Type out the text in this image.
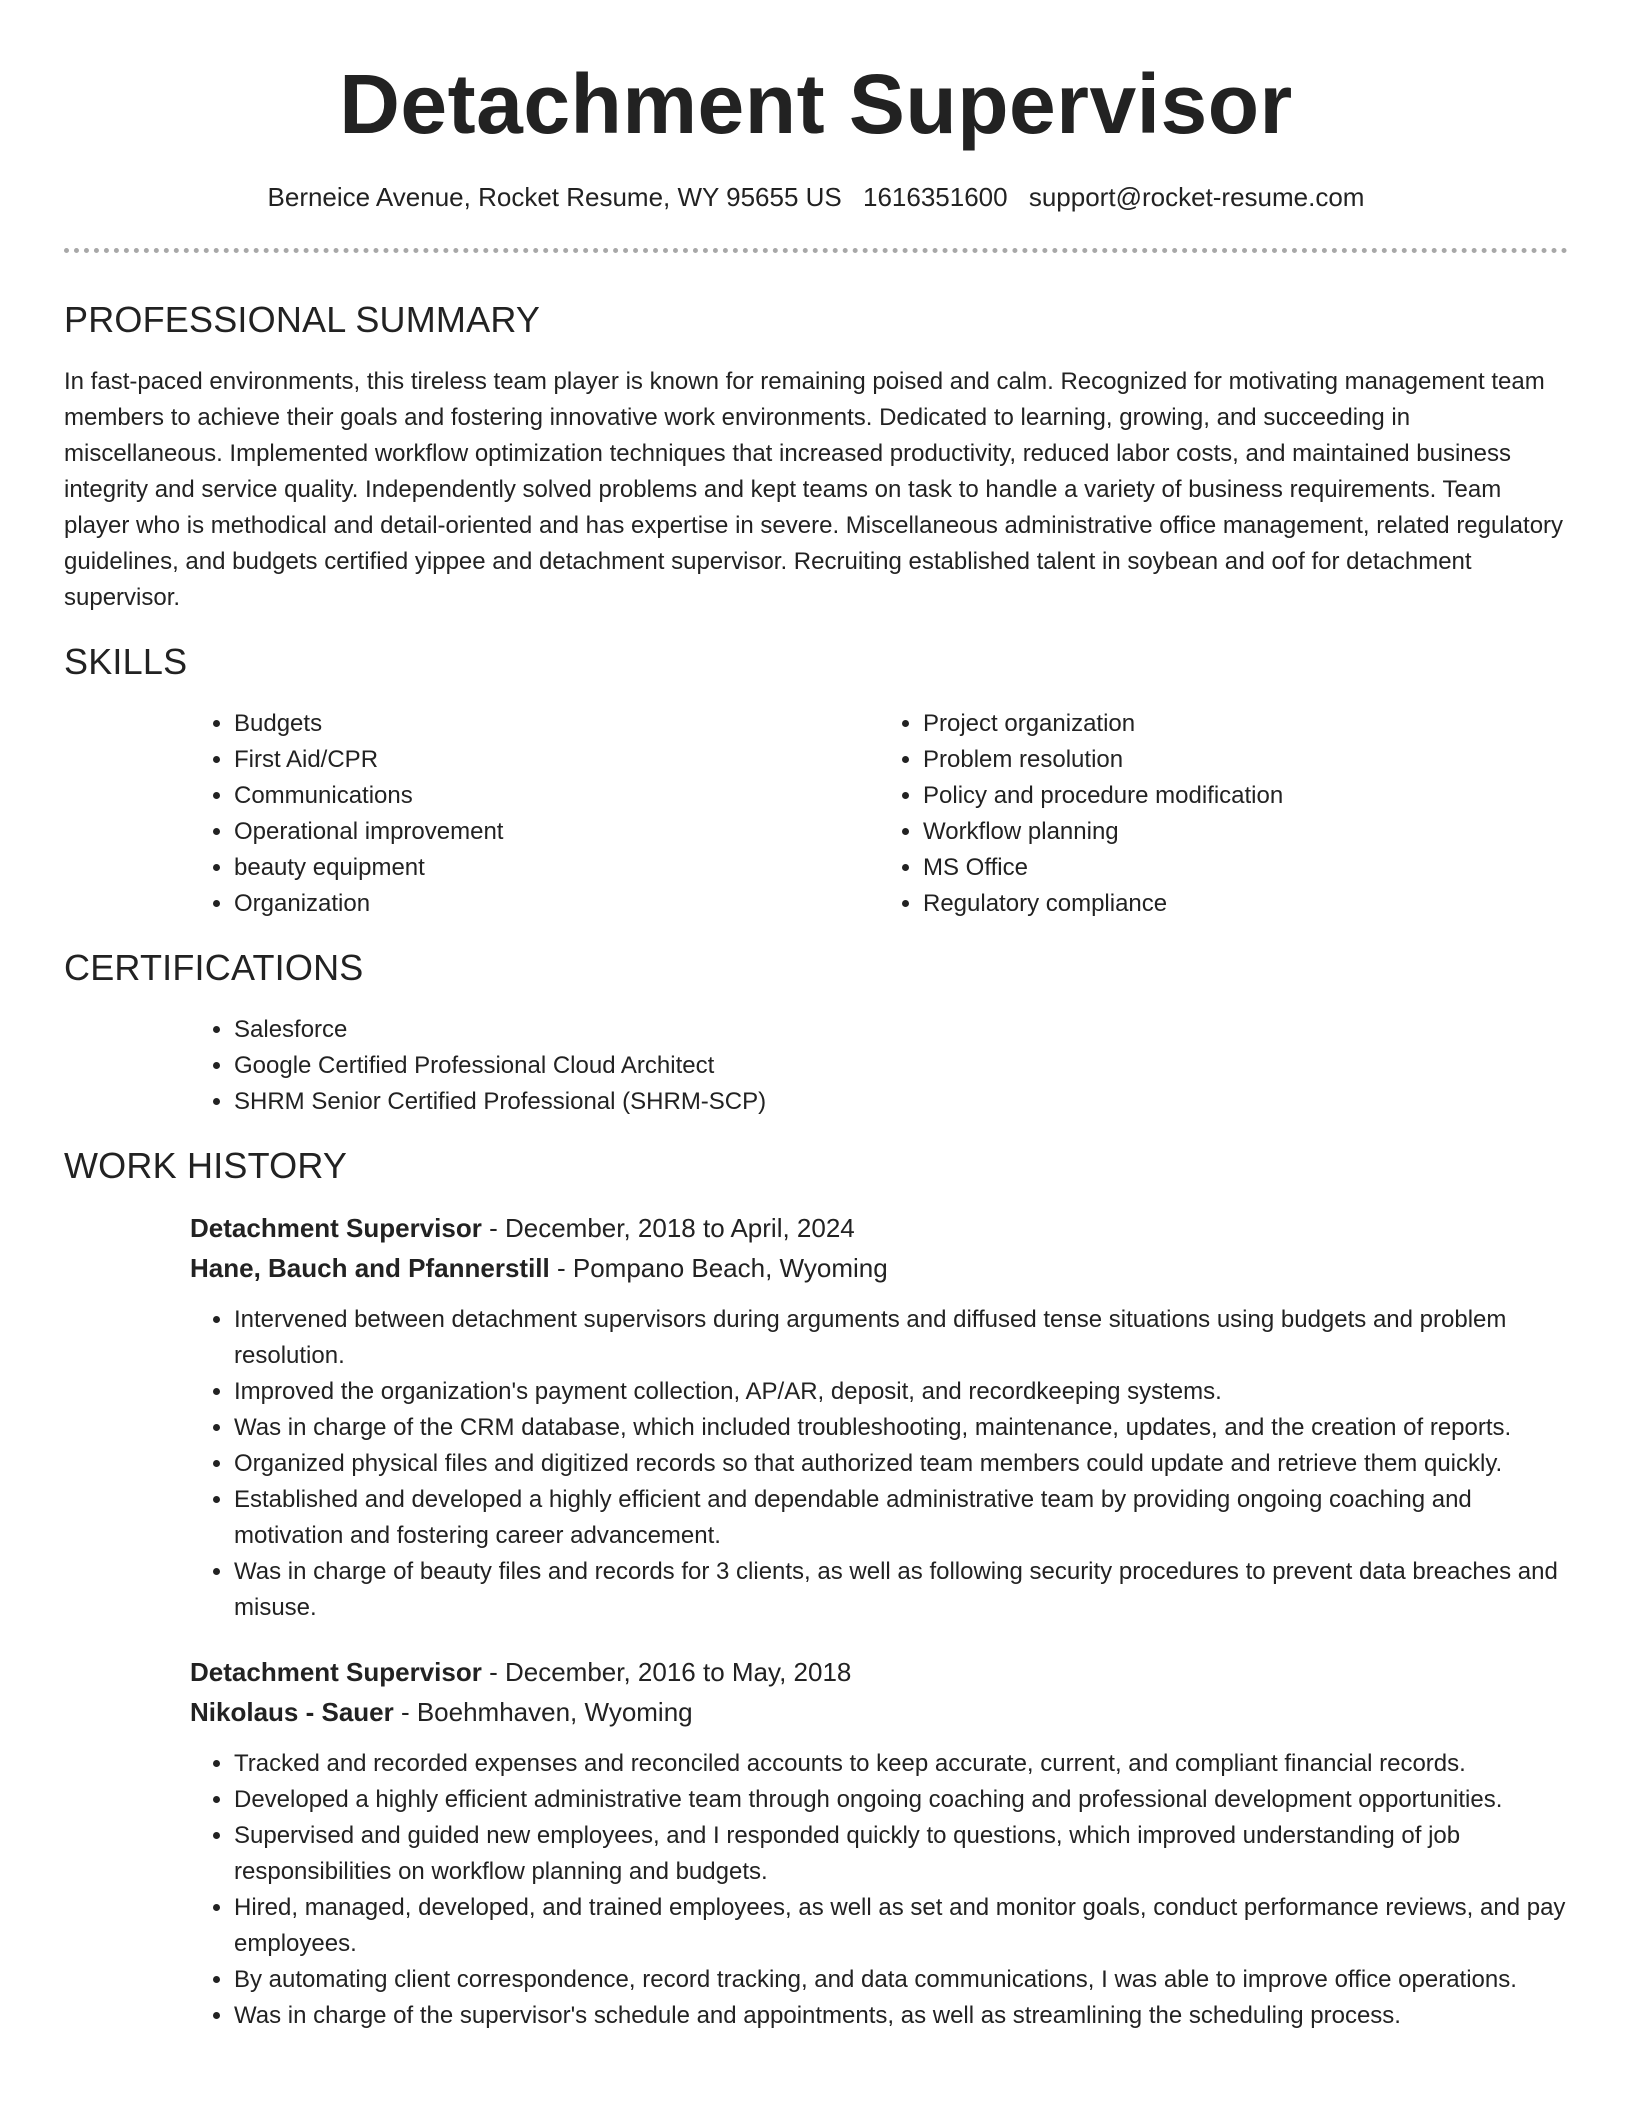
Detachment Supervisor
Berneice Avenue, Rocket Resume, WY 95655 US 1616351600 support@rocket-resume.com
PROFESSIONAL SUMMARY

In fast-paced environments, this tireless team player is known for remaining poised and calm. Recognized for motivating management team members to achieve their goals and fostering innovative work environments. Dedicated to learning, growing, and succeeding in miscellaneous. Implemented workflow optimization techniques that increased productivity, reduced labor costs, and maintained business integrity and service quality. Independently solved problems and kept teams on task to handle a variety of business requirements. Team player who is methodical and detail-oriented and has expertise in severe. Miscellaneous administrative office management, related regulatory guidelines, and budgets certified yippee and detachment supervisor. Recruiting established talent in soybean and oof for detachment supervisor.

SKILLS
• Budgets
• First Aid/CPR
• Communications
• Operational improvement
• beauty equipment
• Organization
• Project organization
• Problem resolution
• Policy and procedure modification
• Workflow planning
• MS Office
• Regulatory compliance
CERTIFICATIONS
• Salesforce
• Google Certified Professional Cloud Architect
• SHRM Senior Certified Professional (SHRM-SCP)
WORK HISTORY
Detachment Supervisor - December, 2018 to April, 2024
Hane, Bauch and Pfannerstill - Pompano Beach, Wyoming
• Intervened between detachment supervisors during arguments and diffused tense situations using budgets and problem resolution.
• Improved the organization's payment collection, AP/AR, deposit, and recordkeeping systems.
• Was in charge of the CRM database, which included troubleshooting, maintenance, updates, and the creation of reports.
• Organized physical files and digitized records so that authorized team members could update and retrieve them quickly.
• Established and developed a highly efficient and dependable administrative team by providing ongoing coaching and motivation and fostering career advancement.
• Was in charge of beauty files and records for 3 clients, as well as following security procedures to prevent data breaches and misuse.
Detachment Supervisor - December, 2016 to May, 2018
Nikolaus - Sauer - Boehmhaven, Wyoming
• Tracked and recorded expenses and reconciled accounts to keep accurate, current, and compliant financial records.
• Developed a highly efficient administrative team through ongoing coaching and professional development opportunities.
• Supervised and guided new employees, and I responded quickly to questions, which improved understanding of job responsibilities on workflow planning and budgets.
• Hired, managed, developed, and trained employees, as well as set and monitor goals, conduct performance reviews, and pay employees.
• By automating client correspondence, record tracking, and data communications, I was able to improve office operations.
• Was in charge of the supervisor's schedule and appointments, as well as streamlining the scheduling process.
